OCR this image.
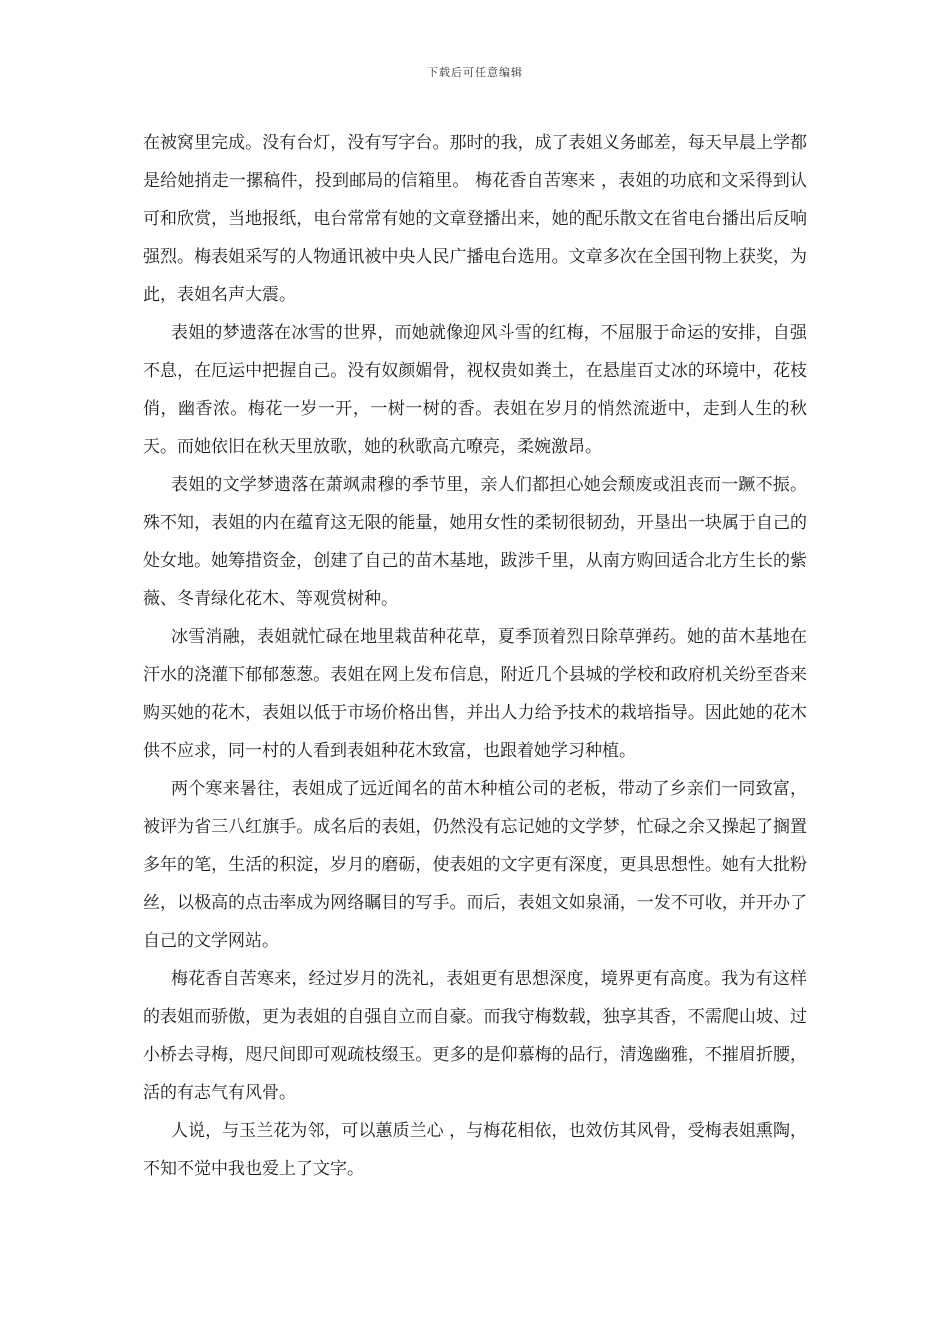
下载后可任意编辑

在被窝里完成。没有台灯，没有写字台。那时的我，成了表姐义务邮差，每天早晨上学都是给她捎走一摞稿件，投到邮局的信箱里。 梅花香自苦寒来 ，表姐的功底和文采得到认可和欣赏，当地报纸，电台常常有她的文章登播出来，她的配乐散文在省电台播出后反响强烈。梅表姐采写的人物通讯被中央人民广播电台选用。文章多次在全国刊物上获奖，为此，表姐名声大震。

表姐的梦遗落在冰雪的世界，而她就像迎风斗雪的红梅，不屈服于命运的安排，自强不息，在厄运中把握自己。没有奴颜媚骨，视权贵如粪土，在悬崖百丈冰的环境中，花枝俏，幽香浓。梅花一岁一开，一树一树的香。表姐在岁月的悄然流逝中，走到人生的秋天。而她依旧在秋天里放歌，她的秋歌高亢嘹亮，柔婉激昂。

表姐的文学梦遗落在萧飒肃穆的季节里，亲人们都担心她会颓废或沮丧而一蹶不振。殊不知，表姐的内在蕴育这无限的能量，她用女性的柔韧很韧劲，开垦出一块属于自己的处女地。她筹措资金，创建了自己的苗木基地，跋涉千里，从南方购回适合北方生长的紫薇、冬青绿化花木、等观赏树种。

冰雪消融，表姐就忙碌在地里栽苗种花草，夏季顶着烈日除草弹药。她的苗木基地在汗水的浇灌下郁郁葱葱。表姐在网上发布信息，附近几个县城的学校和政府机关纷至沓来购买她的花木，表姐以低于市场价格出售，并出人力给予技术的栽培指导。因此她的花木供不应求，同一村的人看到表姐种花木致富，也跟着她学习种植。

两个寒来暑往，表姐成了远近闻名的苗木种植公司的老板，带动了乡亲们一同致富，被评为省三八红旗手。成名后的表姐，仍然没有忘记她的文学梦，忙碌之余又操起了搁置多年的笔，生活的积淀，岁月的磨砺，使表姐的文字更有深度，更具思想性。她有大批粉丝，以极高的点击率成为网络瞩目的写手。而后，表姐文如泉涌，一发不可收，并开办了自己的文学网站。

梅花香自苦寒来，经过岁月的洗礼，表姐更有思想深度，境界更有高度。我为有这样的表姐而骄傲，更为表姐的自强自立而自豪。而我守梅数载，独享其香，不需爬山坡、过小桥去寻梅，咫尺间即可观疏枝缀玉。更多的是仰慕梅的品行，清逸幽雅，不摧眉折腰，活的有志气有风骨。

人说，与玉兰花为邻，可以蕙质兰心 ，与梅花相依，也效仿其风骨，受梅表姐熏陶，不知不觉中我也爱上了文字。
